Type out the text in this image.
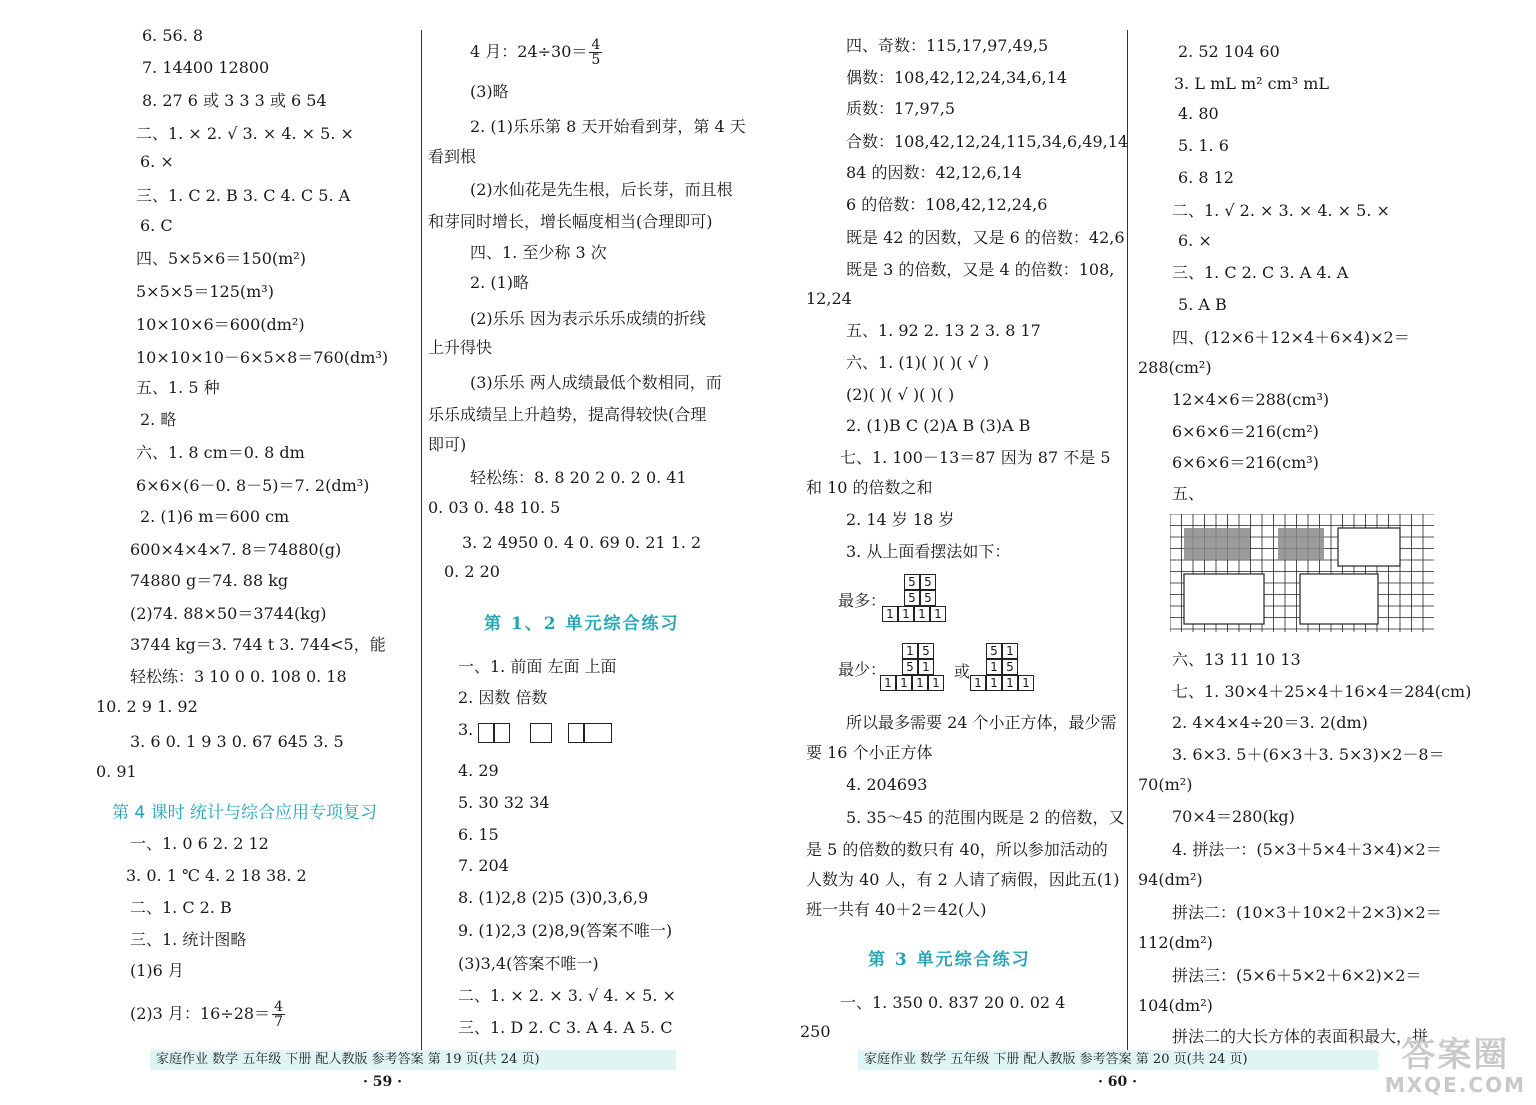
6. 56. 8
7. 14400 12800
8. 27 6 或 3 3 3 或 6 54
二、1. × 2. √ 3. × 4. × 5. ×
6. ×
三、1. C 2. B 3. C 4. C 5. A
6. C
四、5×5×6＝150(m²)
5×5×5＝125(m³)
10×10×6＝600(dm²)
10×10×10－6×5×8＝760(dm³)
五、1. 5 种
2. 略
六、1. 8 cm＝0. 8 dm
6×6×(6－0. 8－5)＝7. 2(dm³)
2. (1)6 m＝600 cm
600×4×4×7. 8＝74880(g)
74880 g＝74. 88 kg
(2)74. 88×50＝3744(kg)
3744 kg＝3. 744 t 3. 744<5，能
轻松练：3 10 0 0. 108 0. 18
10. 2 9 1. 92
3. 6 0. 1 9 3 0. 67 645 3. 5
0. 91
一、1. 0 6 2. 2 12
3. 0. 1 ℃ 4. 2 18 38. 2
二、1. C 2. B
三、1. 统计图略
(1)6 月
(3)略
2. (1)乐乐第 8 天开始看到芽，第 4 天
看到根
(2)水仙花是先生根，后长芽，而且根
和芽同时增长，增长幅度相当(合理即可)
四、1. 至少称 3 次
2. (1)略
(2)乐乐 因为表示乐乐成绩的折线
上升得快
(3)乐乐 两人成绩最低个数相同，而
乐乐成绩呈上升趋势，提高得较快(合理
即可)
轻松练：8. 8 20 2 0. 2 0. 41
0. 03 0. 48 10. 5
3. 2 4950 0. 4 0. 69 0. 21 1. 2
0. 2 20
一、1. 前面 左面 上面
2. 因数 倍数
3.
4. 29
5. 30 32 34
6. 15
7. 204
8. (1)2,8 (2)5 (3)0,3,6,9
9. (1)2,3 (2)8,9(答案不唯一)
(3)3,4(答案不唯一)
二、1. × 2. × 3. √ 4. × 5. ×
三、1. D 2. C 3. A 4. A 5. C
四、奇数：115,17,97,49,5
偶数：108,42,12,24,34,6,14
质数：17,97,5
合数：108,42,12,24,115,34,6,49,14
84 的因数：42,12,6,14
6 的倍数：108,42,12,24,6
既是 42 的因数，又是 6 的倍数：42,6
既是 3 的倍数，又是 4 的倍数：108,
12,24
五、1. 92 2. 13 2 3. 8 17
六、1. (1)( )( )( √ )
(2)( )( √ )( )( )
2. (1)B C (2)A B (3)A B
七、1. 100－13＝87 因为 87 不是 5
和 10 的倍数之和
2. 14 岁 18 岁
3. 从上面看摆法如下：
最多：
最少：	或
所以最多需要 24 个小正方体，最少需
要 16 个小正方体
4. 204693
5. 35～45 的范围内既是 2 的倍数，又
是 5 的倍数的数只有 40，所以参加活动的
人数为 40 人，有 2 人请了病假，因此五(1)
班一共有 40＋2＝42(人)
一、1. 350 0. 837 20 0. 02 4
250
2. 52 104 60
3. L mL m² cm³ mL
4. 80
5. 1. 6
6. 8 12
二、1. √ 2. × 3. × 4. × 5. ×
6. ×
三、1. C 2. C 3. A 4. A
5. A B
四、(12×6＋12×4＋6×4)×2＝
288(cm²)
12×4×6＝288(cm³)
6×6×6＝216(cm²)
6×6×6＝216(cm³)
五、
六、13 11 10 13
七、1. 30×4＋25×4＋16×4＝284(cm)
2. 4×4×4÷20＝3. 2(dm)
3. 6×3. 5＋(6×3＋3. 5×3)×2－8＝
70(m²)
70×4＝280(kg)
4. 拼法一：(5×3＋5×4＋3×4)×2＝
94(dm²)
拼法二：(10×3＋10×2＋2×3)×2＝
112(dm²)
拼法三：(5×6＋5×2＋6×2)×2＝
104(dm²)
拼法二的大长方体的表面积最大，拼
第 4 课时 统计与综合应用专项复习
第 1、2 单元综合练习
第 3 单元综合练习
(2)3 月：$16\div 28= \frac{4}{7}$
4 月：$24\div 30= \frac{4}{5}$
5 5
5 5
1 1 1 1
1 5
5 1
1 1 1 1
5 1
1 5
1 1 1 1
家庭作业 数学 五年级 下册 配人教版 参考答案 第 19 页(共 24 页)	家庭作业 数学 五年级 下册 配人教版 参考答案 第 20 页(共 24 页)
· 59 ·	· 60 ·
答案圈
MXQE.COM
